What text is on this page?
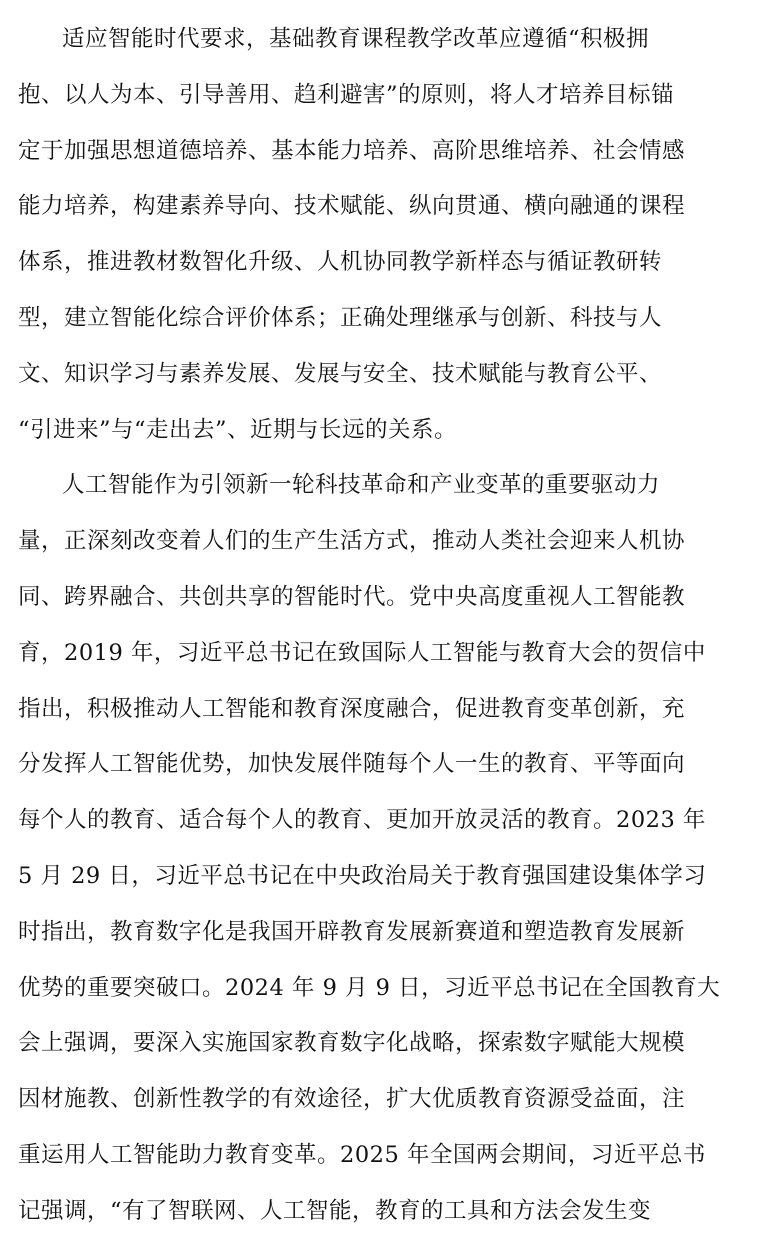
适应智能时代要求，基础教育课程教学改革应遵循“积极拥
抱、以人为本、引导善用、趋利避害”的原则，将人才培养目标锚
定于加强思想道德培养、基本能力培养、高阶思维培养、社会情感
能力培养，构建素养导向、技术赋能、纵向贯通、横向融通的课程
体系，推进教材数智化升级、人机协同教学新样态与循证教研转
型，建立智能化综合评价体系；正确处理继承与创新、科技与人
文、知识学习与素养发展、发展与安全、技术赋能与教育公平、
“引进来”与“走出去”、近期与长远的关系。
人工智能作为引领新一轮科技革命和产业变革的重要驱动力
量，正深刻改变着人们的生产生活方式，推动人类社会迎来人机协
同、跨界融合、共创共享的智能时代。党中央高度重视人工智能教
育，2019 年，习近平总书记在致国际人工智能与教育大会的贺信中
指出，积极推动人工智能和教育深度融合，促进教育变革创新，充
分发挥人工智能优势，加快发展伴随每个人一生的教育、平等面向
每个人的教育、适合每个人的教育、更加开放灵活的教育。2023 年
5 月 29 日，习近平总书记在中央政治局关于教育强国建设集体学习
时指出，教育数字化是我国开辟教育发展新赛道和塑造教育发展新
优势的重要突破口。2024 年 9 月 9 日，习近平总书记在全国教育大
会上强调，要深入实施国家教育数字化战略，探索数字赋能大规模
因材施教、创新性教学的有效途径，扩大优质教育资源受益面，注
重运用人工智能助力教育变革。2025 年全国两会期间，习近平总书
记强调，“有了智联网、人工智能，教育的工具和方法会发生变
